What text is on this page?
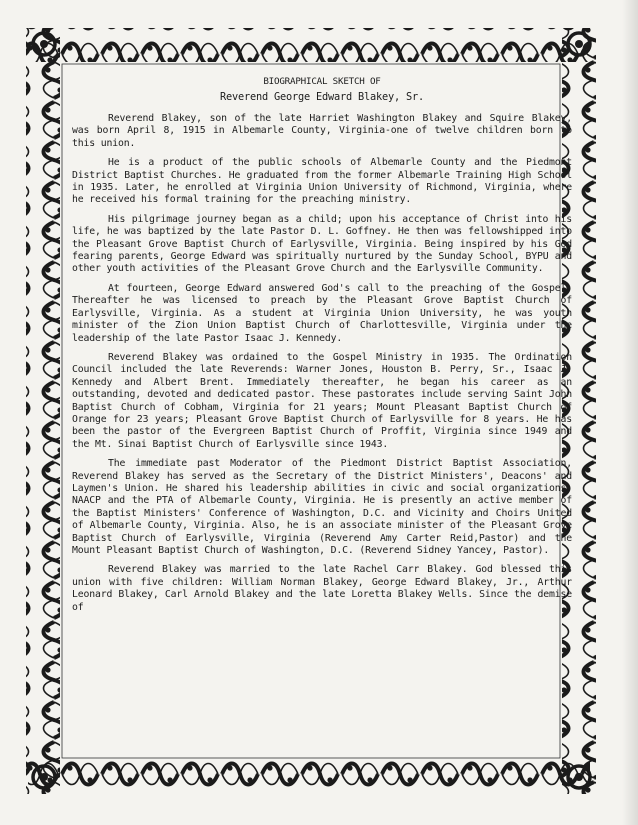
BIOGRAPHICAL SKETCH OF

Reverend George Edward Blakey, Sr.

Reverend Blakey, son of the late Harriet Washington Blakey and Squire Blakey, was born April 8, 1915 in Albemarle County, Virginia-one of twelve children born to this union.

He is a product of the public schools of Albemarle County and the Piedmont District Baptist Churches. He graduated from the former Albemarle Training High School in 1935. Later, he enrolled at Virginia Union University of Richmond, Virginia, where he received his formal training for the preaching ministry.

His pilgrimage journey began as a child; upon his acceptance of Christ into his life, he was baptized by the late Pastor D. L. Goffney. He then was fellowshipped into the Pleasant Grove Baptist Church of Earlysville, Virginia. Being inspired by his God fearing parents, George Edward was spiritually nurtured by the Sunday School, BYPU and other youth activities of the Pleasant Grove Church and the Earlysville Community.

At fourteen, George Edward answered God's call to the preaching of the Gospel. Thereafter he was licensed to preach by the Pleasant Grove Baptist Church of Earlysville, Virginia. As a student at Virginia Union University, he was youth minister of the Zion Union Baptist Church of Charlottesville, Virginia under the leadership of the late Pastor Isaac J. Kennedy.

Reverend Blakey was ordained to the Gospel Ministry in 1935. The Ordination Council included the late Reverends: Warner Jones, Houston B. Perry, Sr., Isaac J. Kennedy and Albert Brent. Immediately thereafter, he began his career as an outstanding, devoted and dedicated pastor. These pastorates include serving Saint John Baptist Church of Cobham, Virginia for 21 years; Mount Pleasant Baptist Church of Orange for 23 years; Pleasant Grove Baptist Church of Earlysville for 8 years. He has been the pastor of the Evergreen Baptist Church of Proffit, Virginia since 1949 and the Mt. Sinai Baptist Church of Earlysville since 1943.

The immediate past Moderator of the Piedmont District Baptist Association, Reverend Blakey has served as the Secretary of the District Ministers', Deacons' and Laymen's Union. He shared his leadership abilities in civic and social organizations-NAACP and the PTA of Albemarle County, Virginia. He is presently an active member of the Baptist Ministers' Conference of Washington, D.C. and Vicinity and Choirs United of Albemarle County, Virginia. Also, he is an associate minister of the Pleasant Grove Baptist Church of Earlysville, Virginia (Reverend Amy Carter Reid,Pastor) and the Mount Pleasant Baptist Church of Washington, D.C. (Reverend Sidney Yancey, Pastor).

Reverend Blakey was married to the late Rachel Carr Blakey. God blessed this union with five children: William Norman Blakey, George Edward Blakey, Jr., Arthur Leonard Blakey, Carl Arnold Blakey and the late Loretta Blakey Wells. Since the demise of
